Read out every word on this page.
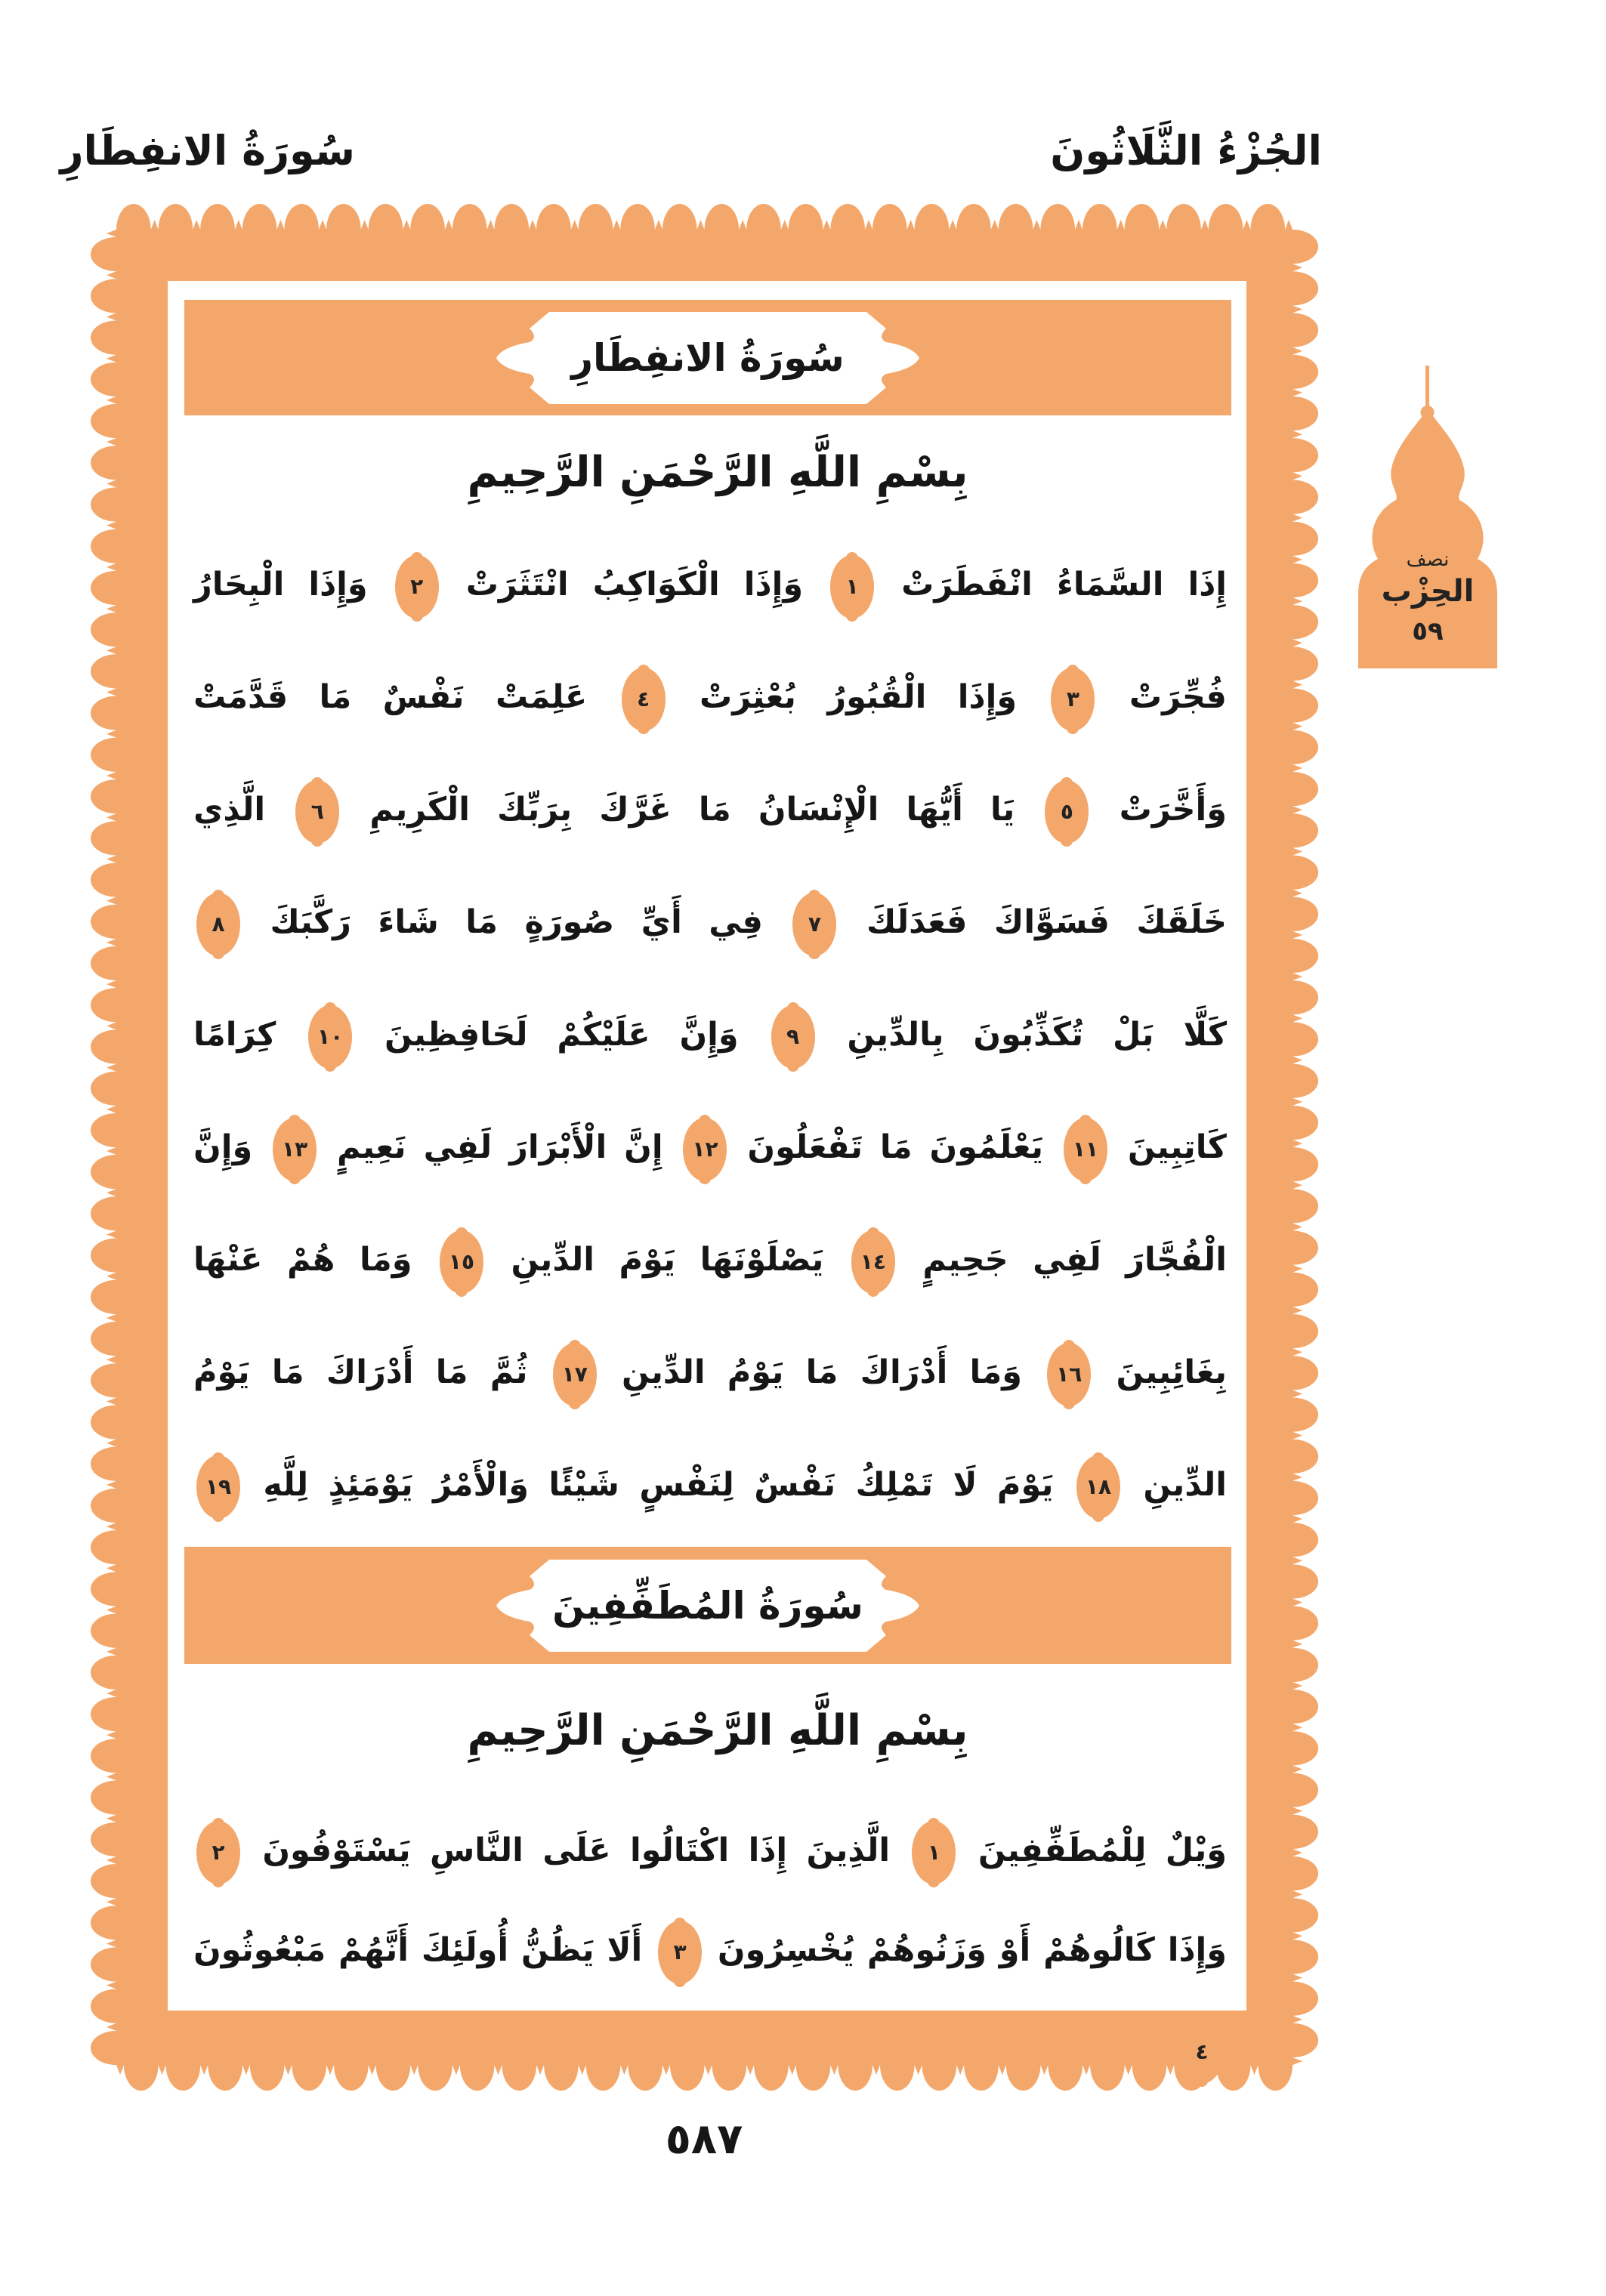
سُورَةُ الانفِطَارِ	الجُزْءُ الثَّلَاثُونَ
نصف
الحِزْب
٥٩
سُورَةُ الانفِطَارِ
بِسْمِ اللَّهِ الرَّحْمَنِ الرَّحِيمِ
إِذَا السَّمَاءُ انْفَطَرَتْ ١ وَإِذَا الْكَوَاكِبُ انْتَثَرَتْ ٢ وَإِذَا الْبِحَارُ
فُجِّرَتْ ٣ وَإِذَا الْقُبُورُ بُعْثِرَتْ ٤ عَلِمَتْ نَفْسٌ مَا قَدَّمَتْ
وَأَخَّرَتْ ٥ يَا أَيُّهَا الْإِنْسَانُ مَا غَرَّكَ بِرَبِّكَ الْكَرِيمِ ٦ الَّذِي
خَلَقَكَ فَسَوَّاكَ فَعَدَلَكَ ٧ فِي أَيِّ صُورَةٍ مَا شَاءَ رَكَّبَكَ ٨
كَلَّا بَلْ تُكَذِّبُونَ بِالدِّينِ ٩ وَإِنَّ عَلَيْكُمْ لَحَافِظِينَ ١٠ كِرَامًا
كَاتِبِينَ ١١ يَعْلَمُونَ مَا تَفْعَلُونَ ١٢ إِنَّ الْأَبْرَارَ لَفِي نَعِيمٍ ١٣ وَإِنَّ
الْفُجَّارَ لَفِي جَحِيمٍ ١٤ يَصْلَوْنَهَا يَوْمَ الدِّينِ ١٥ وَمَا هُمْ عَنْهَا
بِغَائِبِينَ ١٦ وَمَا أَدْرَاكَ مَا يَوْمُ الدِّينِ ١٧ ثُمَّ مَا أَدْرَاكَ مَا يَوْمُ
الدِّينِ ١٨ يَوْمَ لَا تَمْلِكُ نَفْسٌ لِنَفْسٍ شَيْئًا وَالْأَمْرُ يَوْمَئِذٍ لِلَّهِ ١٩
سُورَةُ المُطَفِّفِينَ
بِسْمِ اللَّهِ الرَّحْمَنِ الرَّحِيمِ
وَيْلٌ لِلْمُطَفِّفِينَ ١ الَّذِينَ إِذَا اكْتَالُوا عَلَى النَّاسِ يَسْتَوْفُونَ ٢
وَإِذَا كَالُوهُمْ أَوْ وَزَنُوهُمْ يُخْسِرُونَ ٣ أَلَا يَظُنُّ أُولَئِكَ أَنَّهُمْ مَبْعُوثُونَ ٤
٥٨٧
